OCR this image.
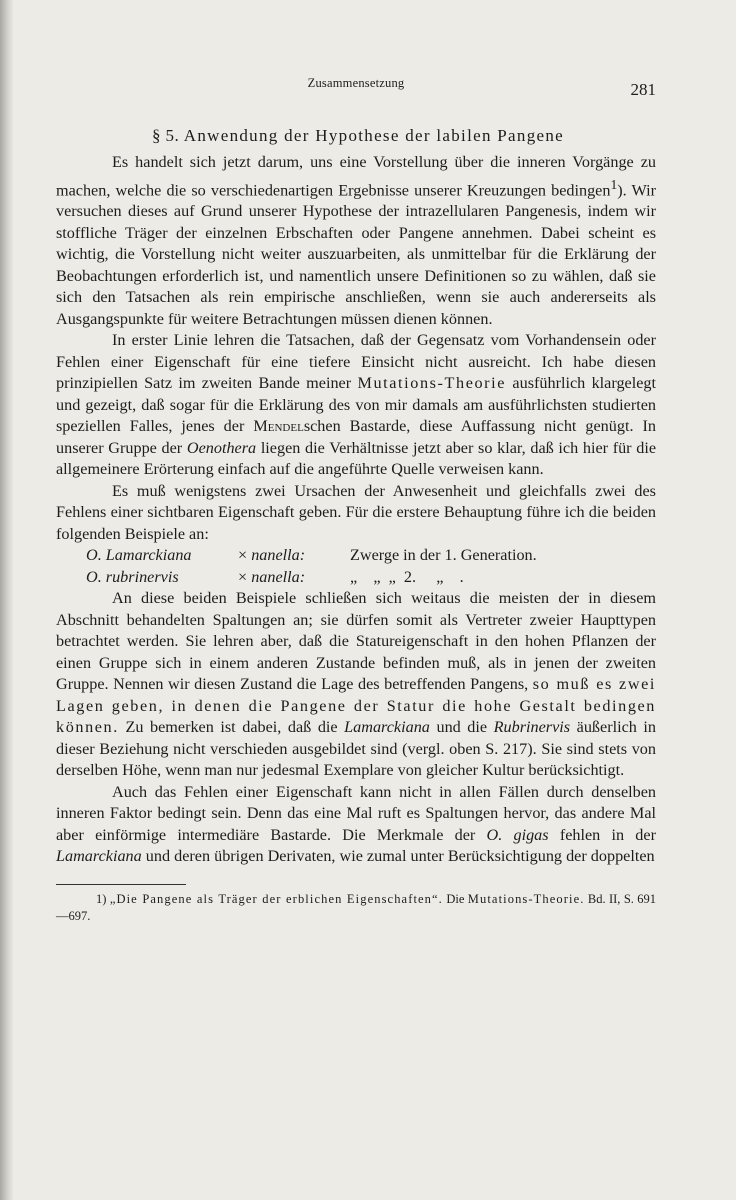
Zusammensetzung	281
§ 5. Anwendung der Hypothese der labilen Pangene

Es handelt sich jetzt darum, uns eine Vorstellung über die inneren Vorgänge zu machen, welche die so verschiedenartigen Ergebnisse unserer Kreuzungen bedingen$^1$). Wir versuchen dieses auf Grund unserer Hypothese der intrazellularen Pangenesis, indem wir stoffliche Träger der einzelnen Erbschaften oder Pangene annehmen. Dabei scheint es wichtig, die Vorstellung nicht weiter auszuarbeiten, als unmittelbar für die Erklärung der Beobachtungen erforderlich ist, und namentlich unsere Definitionen so zu wählen, daß sie sich den Tatsachen als rein empirische anschließen, wenn sie auch andererseits als Ausgangspunkte für weitere Betrachtungen müssen dienen können.

In erster Linie lehren die Tatsachen, daß der Gegensatz vom Vorhandensein oder Fehlen einer Eigenschaft für eine tiefere Einsicht nicht ausreicht. Ich habe diesen prinzipiellen Satz im zweiten Bande meiner Mutations-Theorie ausführlich klargelegt und gezeigt, daß sogar für die Erklärung des von mir damals am ausführlichsten studierten speziellen Falles, jenes der Mendelschen Bastarde, diese Auffassung nicht genügt. In unserer Gruppe der Oenothera liegen die Verhältnisse jetzt aber so klar, daß ich hier für die allgemeinere Erörterung einfach auf die angeführte Quelle verweisen kann.

Es muß wenigstens zwei Ursachen der Anwesenheit und gleichfalls zwei des Fehlens einer sichtbaren Eigenschaft geben. Für die erstere Behauptung führe ich die beiden folgenden Beispiele an:

O. Lamarckiana	× nanella:	Zwerge in der 1. Generation.
O. rubrinervis	× nanella:	„    „  „  2.     „    .

An diese beiden Beispiele schließen sich weitaus die meisten der in diesem Abschnitt behandelten Spaltungen an; sie dürfen somit als Vertreter zweier Haupttypen betrachtet werden. Sie lehren aber, daß die Statureigenschaft in den hohen Pflanzen der einen Gruppe sich in einem anderen Zustande befinden muß, als in jenen der zweiten Gruppe. Nennen wir diesen Zustand die Lage des betreffenden Pangens, so muß es zwei Lagen geben, in denen die Pangene der Statur die hohe Gestalt bedingen können. Zu bemerken ist dabei, daß die Lamarckiana und die Rubrinervis äußerlich in dieser Beziehung nicht verschieden ausgebildet sind (vergl. oben S. 217). Sie sind stets von derselben Höhe, wenn man nur jedesmal Exemplare von gleicher Kultur berücksichtigt.

Auch das Fehlen einer Eigenschaft kann nicht in allen Fällen durch denselben inneren Faktor bedingt sein. Denn das eine Mal ruft es Spaltungen hervor, das andere Mal aber einförmige intermediäre Bastarde. Die Merkmale der O. gigas fehlen in der Lamarckiana und deren übrigen Derivaten, wie zumal unter Berücksichtigung der doppelten

1) „Die Pangene als Träger der erblichen Eigenschaften“. Die Mutations-Theorie. Bd. II, S. 691—697.
